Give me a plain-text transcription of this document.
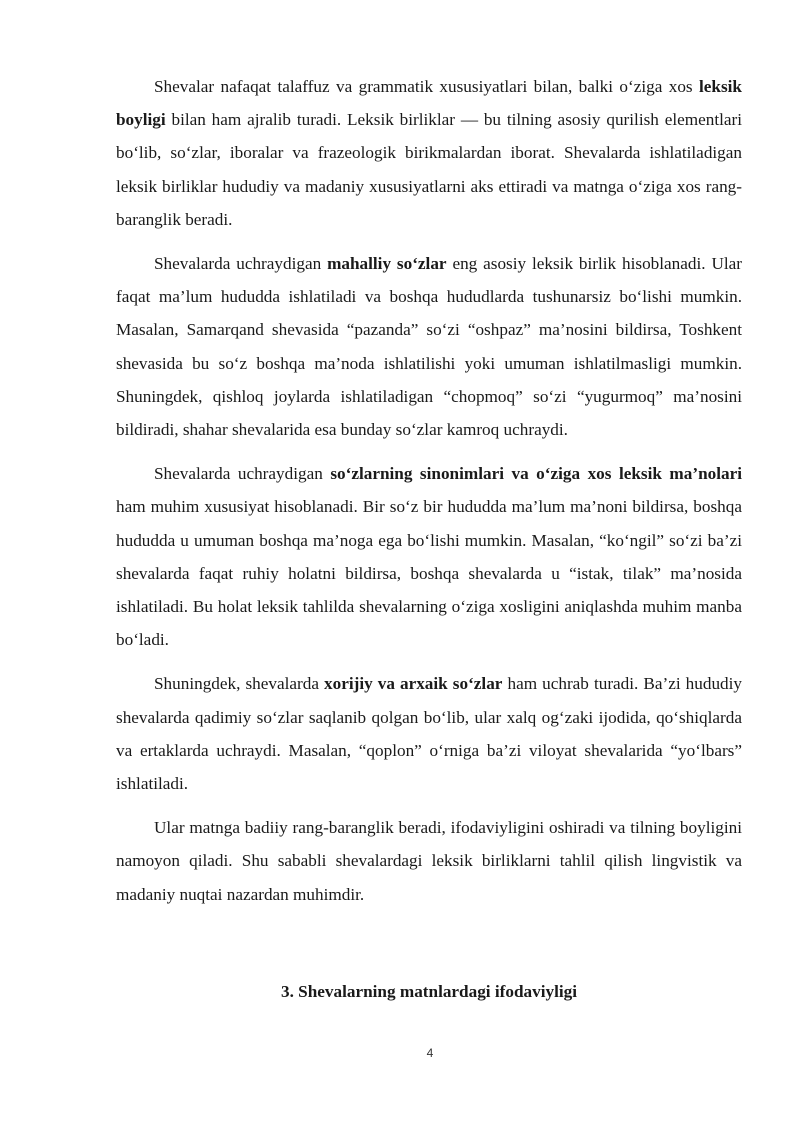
Shevalar nafaqat talaffuz va grammatik xususiyatlari bilan, balki o‘ziga xos leksik boyligi bilan ham ajralib turadi. Leksik birliklar — bu tilning asosiy qurilish elementlari bo‘lib, so‘zlar, iboralar va frazeologik birikmalardan iborat. Shevalarda ishlatiladigan leksik birliklar hududiy va madaniy xususiyatlarni aks ettiradi va matnga o‘ziga xos rang-baranglik beradi.

Shevalarda uchraydigan mahalliy so‘zlar eng asosiy leksik birlik hisoblanadi. Ular faqat ma’lum hududda ishlatiladi va boshqa hududlarda tushunarsiz bo‘lishi mumkin. Masalan, Samarqand shevasida “pazanda” so‘zi “oshpaz” ma’nosini bildirsa, Toshkent shevasida bu so‘z boshqa ma’noda ishlatilishi yoki umuman ishlatilmasligi mumkin. Shuningdek, qishloq joylarda ishlatiladigan “chopmoq” so‘zi “yugurmoq” ma’nosini bildiradi, shahar shevalarida esa bunday so‘zlar kamroq uchraydi.

Shevalarda uchraydigan so‘zlarning sinonimlari va o‘ziga xos leksik ma’nolari ham muhim xususiyat hisoblanadi. Bir so‘z bir hududda ma’lum ma’noni bildirsa, boshqa hududda u umuman boshqa ma’noga ega bo‘lishi mumkin. Masalan, “ko‘ngil” so‘zi ba’zi shevalarda faqat ruhiy holatni bildirsa, boshqa shevalarda u “istak, tilak” ma’nosida ishlatiladi. Bu holat leksik tahlilda shevalarning o‘ziga xosligini aniqlashda muhim manba bo‘ladi.

Shuningdek, shevalarda xorijiy va arxaik so‘zlar ham uchrab turadi. Ba’zi hududiy shevalarda qadimiy so‘zlar saqlanib qolgan bo‘lib, ular xalq og‘zaki ijodida, qo‘shiqlarda va ertaklarda uchraydi. Masalan, “qoplon” o‘rniga ba’zi viloyat shevalarida “yo‘lbars” ishlatiladi.

Ular matnga badiiy rang-baranglik beradi, ifodaviyligini oshiradi va tilning boyligini namoyon qiladi. Shu sababli shevalardagi leksik birliklarni tahlil qilish lingvistik va madaniy nuqtai nazardan muhimdir.

3. Shevalarning matnlardagi ifodaviyligi
4
